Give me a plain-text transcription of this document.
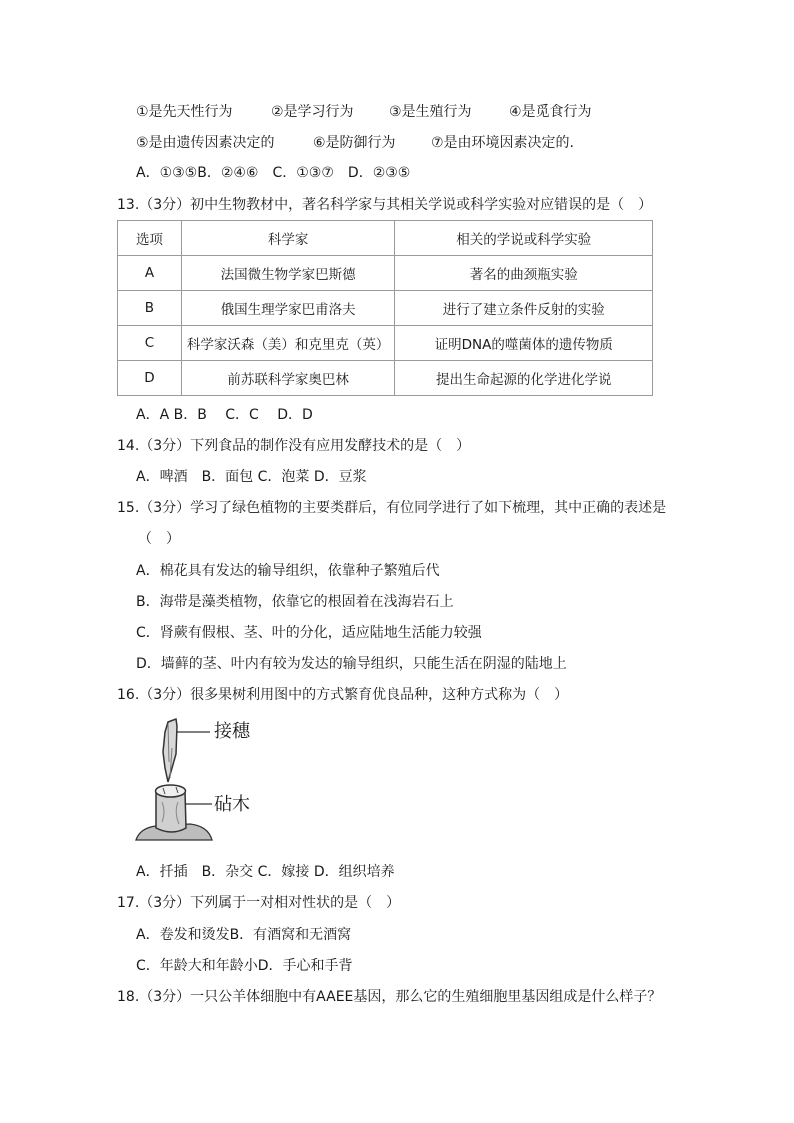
①是先天性行为	②是学习行为	③是生殖行为	④是觅食行为
⑤是由遗传因素决定的	⑥是防御行为	⑦是由环境因素决定的.
A．①③⑤B．②④⑥　C．①③⑦　D．②③⑤
13.（3分）初中生物教材中，著名科学家与其相关学说或科学实验对应错误的是（　）
选项	科学家	相关的学说或科学实验
A	法国微生物学家巴斯德	著名的曲颈瓶实验
B	俄国生理学家巴甫洛夫	进行了建立条件反射的实验
C	科学家沃森（美）和克里克（英）	证明DNA的噬菌体的遗传物质
D	前苏联科学家奥巴林	提出生命起源的化学进化学说
A．A B．B　 C．C　 D．D
14.（3分）下列食品的制作没有应用发酵技术的是（　）
A．啤酒　B．面包 C．泡菜 D．豆浆
15.（3分）学习了绿色植物的主要类群后，有位同学进行了如下梳理，其中正确的表述是
（　）
A．棉花具有发达的输导组织，依靠种子繁殖后代
B．海带是藻类植物，依靠它的根固着在浅海岩石上
C．肾蕨有假根、茎、叶的分化，适应陆地生活能力较强
D．墙藓的茎、叶内有较为发达的输导组织，只能生活在阴湿的陆地上
16.（3分）很多果树利用图中的方式繁育优良品种，这种方式称为（　）
接穗
砧木
A．扦插　B．杂交 C．嫁接 D．组织培养
17.（3分）下列属于一对相对性状的是（　）
A．卷发和烫发B．有酒窝和无酒窝
C．年龄大和年龄小D．手心和手背
18.（3分）一只公羊体细胞中有AAEE基因，那么它的生殖细胞里基因组成是什么样子？
